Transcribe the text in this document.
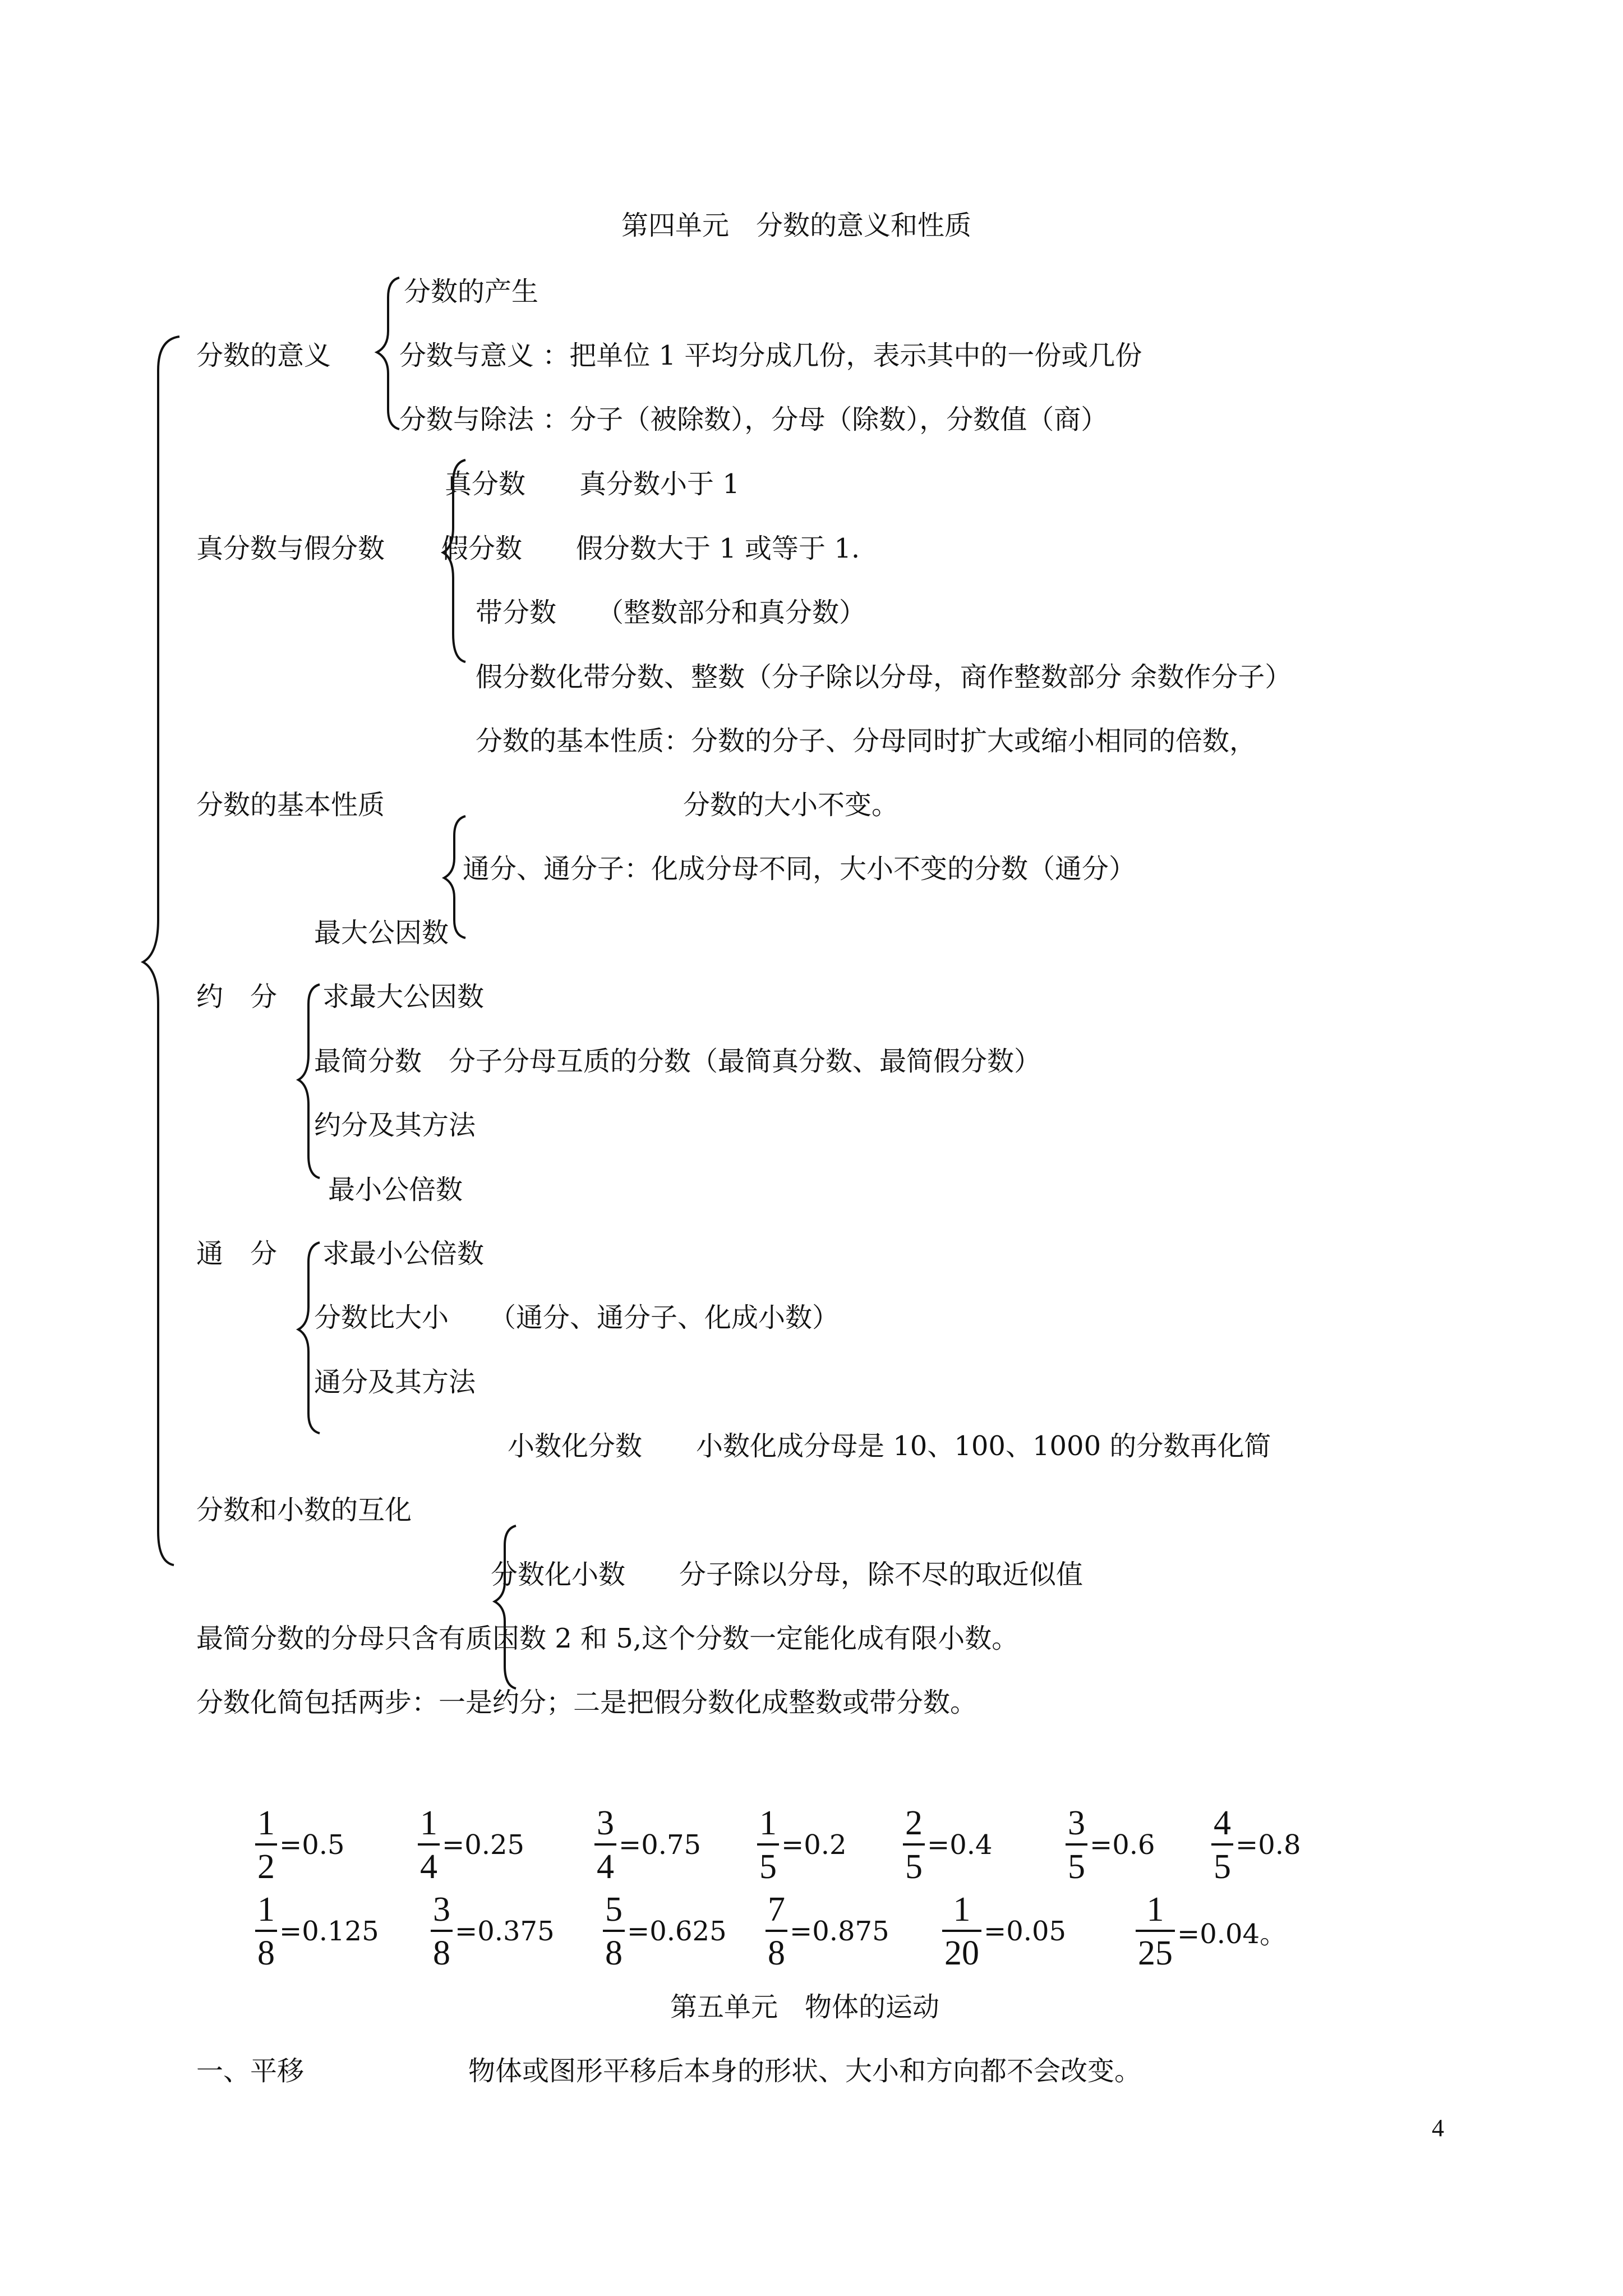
第四单元　分数的意义和性质
分数的意义
分数的产生
分数与意义 ：把单位 1 平均分成几份，表示其中的一份或几份
分数与除法 ：分子（被除数），分母（除数），分数值（商）
真分数　　真分数小于 1
真分数与假分数 假分数　　假分数大于 1 或等于 1.
带分数　　（整数部分和真分数）
假分数化带分数、整数（分子除以分母，商作整数部分 余数作分子）
分数的基本性质：分数的分子、分母同时扩大或缩小相同的倍数，
分数的基本性质	分数的大小不变。
通分、通分子：化成分母不同，大小不变的分数（通分）
最大公因数
约　分 求最大公因数
最简分数　分子分母互质的分数（最简真分数、最简假分数）
约分及其方法
最小公倍数
通　分 求最小公倍数
分数比大小　　（通分、通分子、化成小数）
通分及其方法
小数化分数　　小数化成分母是 10、100、1000 的分数再化简
分数和小数的互化
分数化小数　　分子除以分母，除不尽的取近似值
最简分数的分母只含有质因数 2 和 5,这个分数一定能化成有限小数。
分数化简包括两步：一是约分；二是把假分数化成整数或带分数。
$\frac{1}{2} =0.5 \frac{1}{4} =0.25 \frac{3}{4} =0.75 \frac{1}{5} =0.2 \frac{2}{5} =0.4 \frac{3}{5} =0.6 \frac{4}{5} =0.8$
$\frac{1}{8} =0.125 \frac{3}{8} =0.375 \frac{5}{8} =0.625 \frac{7}{8} =0.875 \frac{1}{20} =0.05 \frac{1}{25} =0.04$。
第五单元　物体的运动
一、平移	物体或图形平移后本身的形状、大小和方向都不会改变。
4
